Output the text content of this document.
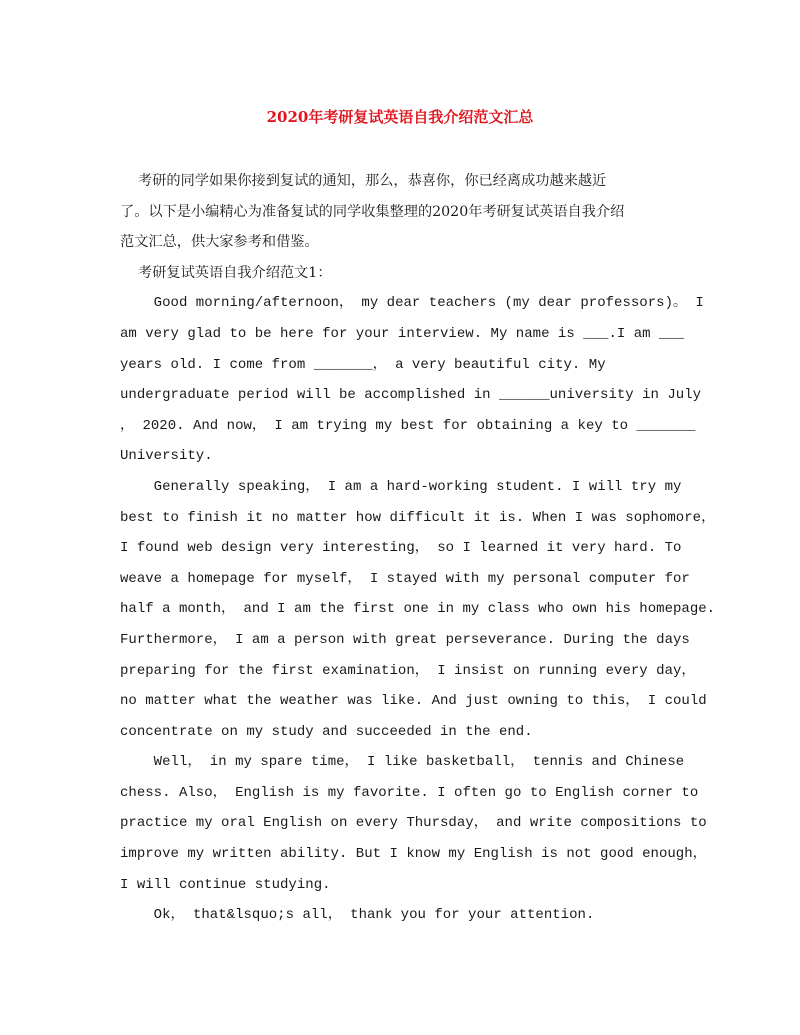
2020年考研复试英语自我介绍范文汇总
考研的同学如果你接到复试的通知，那么，恭喜你，你已经离成功越来越近
了。以下是小编精心为准备复试的同学收集整理的2020年考研复试英语自我介绍
范文汇总，供大家参考和借鉴。
考研复试英语自我介绍范文1：
Good morning/afternoon， my dear teachers (my dear professors)。 I
am very glad to be here for your interview. My name is ___.I am ___
years old. I come from _______， a very beautiful city. My
undergraduate period will be accomplished in ______university in July
， 2020. And now， I am trying my best for obtaining a key to _______
University.
Generally speaking， I am a hard-working student. I will try my
best to finish it no matter how difficult it is. When I was sophomore，
I found web design very interesting， so I learned it very hard. To
weave a homepage for myself， I stayed with my personal computer for
half a month， and I am the first one in my class who own his homepage.
Furthermore， I am a person with great perseverance. During the days
preparing for the first examination， I insist on running every day，
no matter what the weather was like. And just owning to this， I could
concentrate on my study and succeeded in the end.
Well， in my spare time， I like basketball， tennis and Chinese
chess. Also， English is my favorite. I often go to English corner to
practice my oral English on every Thursday， and write compositions to
improve my written ability. But I know my English is not good enough，
I will continue studying.
Ok， that&lsquo;s all， thank you for your attention.
